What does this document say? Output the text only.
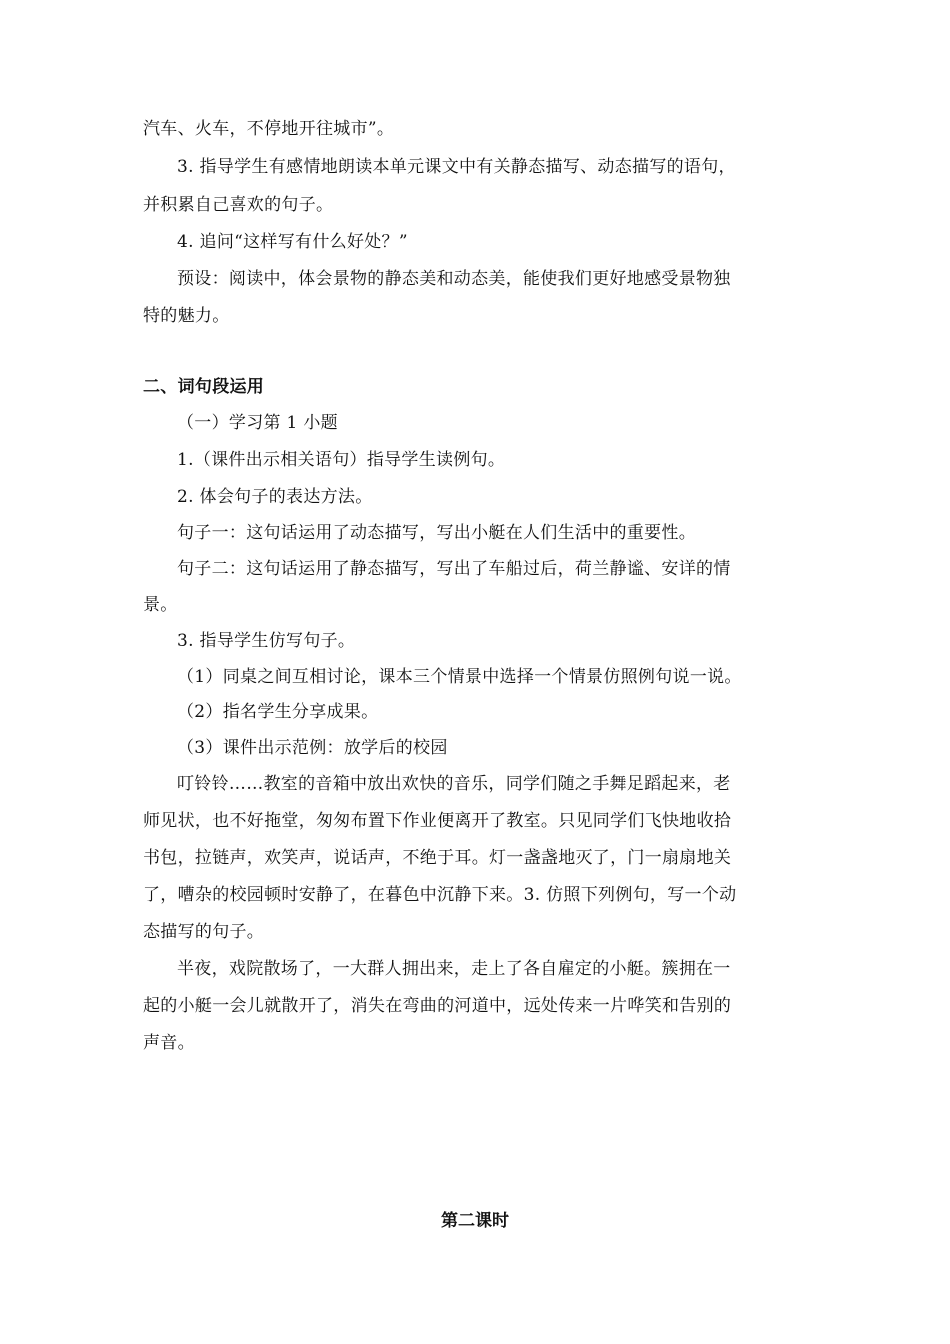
汽车、火车，不停地开往城市”。
3. 指导学生有感情地朗读本单元课文中有关静态描写、动态描写的语句，
并积累自己喜欢的句子。
4. 追问“这样写有什么好处？”
预设：阅读中，体会景物的静态美和动态美，能使我们更好地感受景物独
特的魅力。
二、词句段运用
（一）学习第 1 小题
1.（课件出示相关语句）指导学生读例句。
2. 体会句子的表达方法。
句子一：这句话运用了动态描写，写出小艇在人们生活中的重要性。
句子二：这句话运用了静态描写，写出了车船过后，荷兰静谧、安详的情
景。
3. 指导学生仿写句子。
（1）同桌之间互相讨论，课本三个情景中选择一个情景仿照例句说一说。
（2）指名学生分享成果。
（3）课件出示范例：放学后的校园
叮铃铃……教室的音箱中放出欢快的音乐，同学们随之手舞足蹈起来，老
师见状，也不好拖堂，匆匆布置下作业便离开了教室。只见同学们飞快地收拾
书包，拉链声，欢笑声，说话声，不绝于耳。灯一盏盏地灭了，门一扇扇地关
了，嘈杂的校园顿时安静了，在暮色中沉静下来。3. 仿照下列例句，写一个动
态描写的句子。
半夜，戏院散场了，一大群人拥出来，走上了各自雇定的小艇。簇拥在一
起的小艇一会儿就散开了，消失在弯曲的河道中，远处传来一片哗笑和告别的
声音。
第二课时
